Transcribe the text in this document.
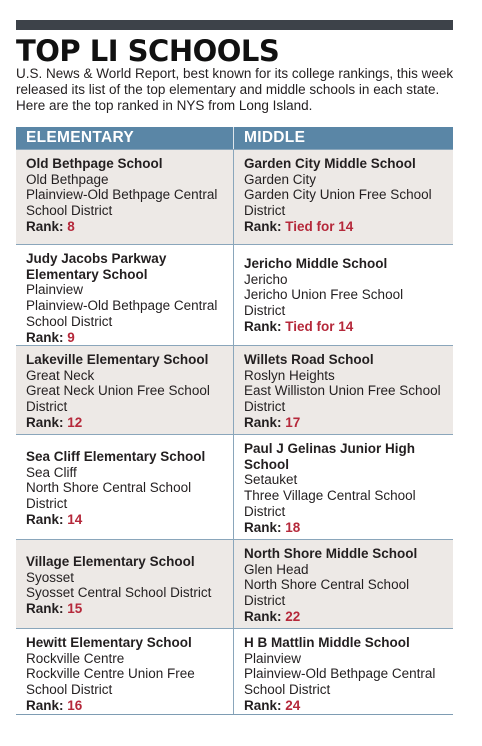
TOP LI SCHOOLS

U.S. News & World Report, best known for its college rankings, this week released its list of the top elementary and middle schools in each state. Here are the top ranked in NYS from Long Island.

ELEMENTARY	MIDDLE
Old Bethpage School
Old Bethpage
Plainview-Old Bethpage Central School District
Rank: 8
Garden City Middle School
Garden City
Garden City Union Free School District
Rank: Tied for 14
Judy Jacobs Parkway Elementary School
Plainview
Plainview-Old Bethpage Central School District
Rank: 9
Jericho Middle School
Jericho
Jericho Union Free School District
Rank: Tied for 14
Lakeville Elementary School
Great Neck
Great Neck Union Free School District
Rank: 12
Willets Road School
Roslyn Heights
East Williston Union Free School District
Rank: 17
Sea Cliff Elementary School
Sea Cliff
North Shore Central School District
Rank: 14
Paul J Gelinas Junior High School
Setauket
Three Village Central School District
Rank: 18
Village Elementary School
Syosset
Syosset Central School District
Rank: 15
North Shore Middle School
Glen Head
North Shore Central School District
Rank: 22
Hewitt Elementary School
Rockville Centre
Rockville Centre Union Free School District
Rank: 16
H B Mattlin Middle School
Plainview
Plainview-Old Bethpage Central School District
Rank: 24
